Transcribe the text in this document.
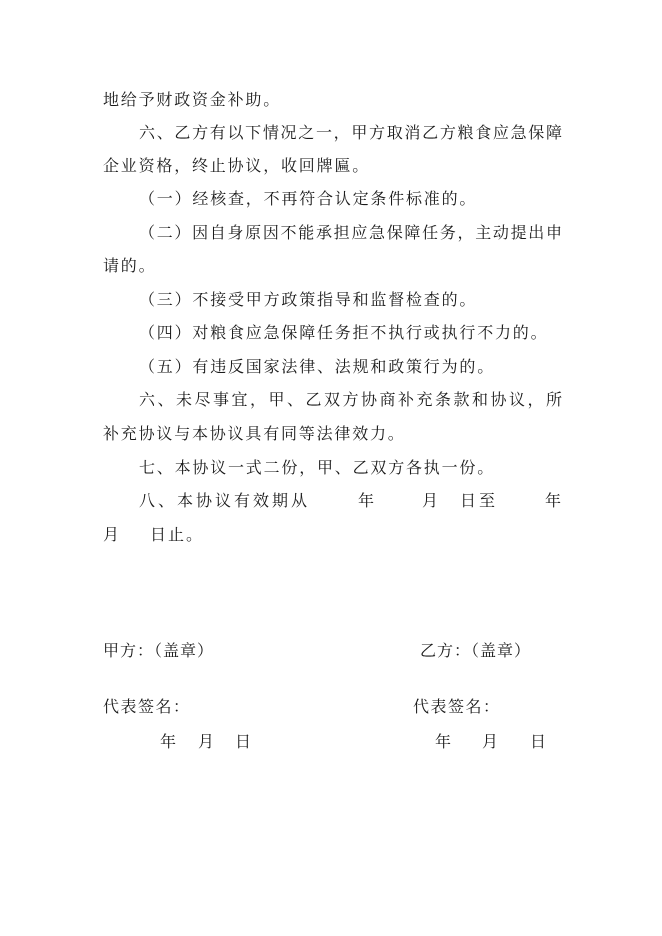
地给予财政资金补助。
六、乙方有以下情况之一，甲方取消乙方粮食应急保障
企业资格，终止协议，收回牌匾。
（一）经核查，不再符合认定条件标准的。
（二）因自身原因不能承担应急保障任务，主动提出申
请的。
（三）不接受甲方政策指导和监督检查的。
（四）对粮食应急保障任务拒不执行或执行不力的。
（五）有违反国家法律、法规和政策行为的。
六、未尽事宜，甲、乙双方协商补充条款和协议，所
补充协议与本协议具有同等法律效力。
七、本协议一式二份，甲、乙双方各执一份。
八、本协议有效期从	年	月 日至	年
月 日止。
甲方：（盖章）
代表签名：
年 月 日
乙方：（盖章）
代表签名：
年 月 日
